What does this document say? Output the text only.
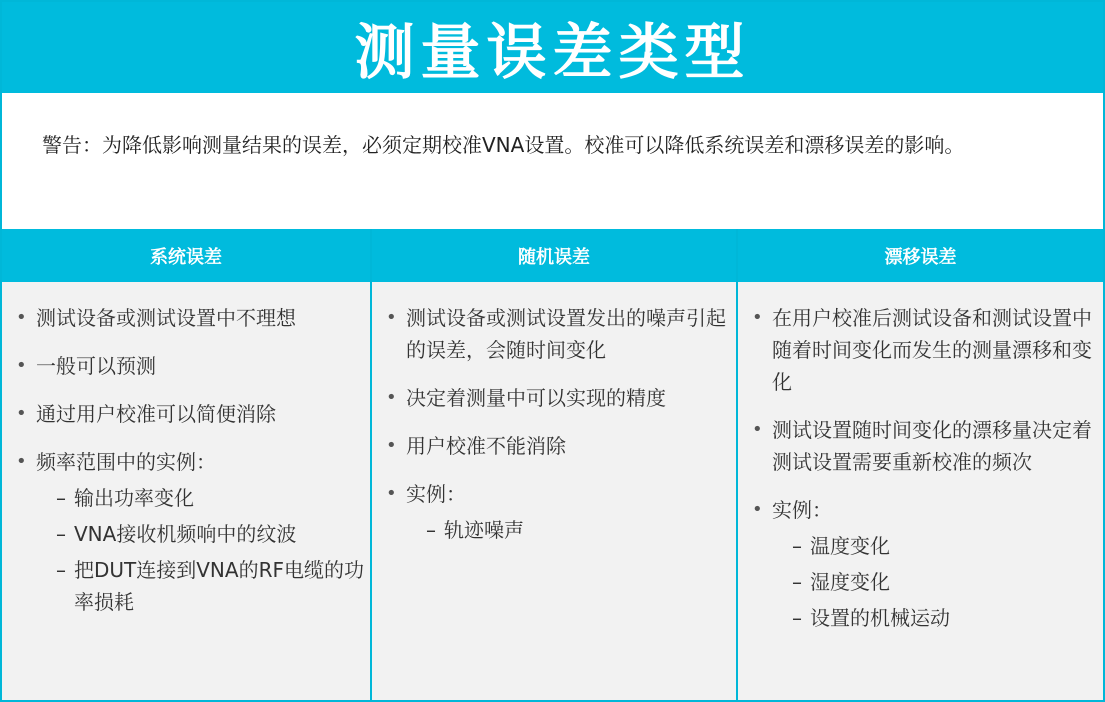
测量误差类型
警告：为降低影响测量结果的误差，必须定期校准VNA设置。校准可以降低系统误差和漂移误差的影响。
系统误差
• 测试设备或测试设置中不理想
• 一般可以预测
• 通过用户校准可以简便消除
• 频率范围中的实例：
– 输出功率变化
– VNA接收机频响中的纹波
– 把DUT连接到VNA的RF电缆的功率损耗
随机误差
• 测试设备或测试设置发出的噪声引起的误差，会随时间变化
• 决定着测量中可以实现的精度
• 用户校准不能消除
• 实例：
– 轨迹噪声
漂移误差
• 在用户校准后测试设备和测试设置中随着时间变化而发生的测量漂移和变化
• 测试设置随时间变化的漂移量决定着测试设置需要重新校准的频次
• 实例：
– 温度变化
– 湿度变化
– 设置的机械运动
